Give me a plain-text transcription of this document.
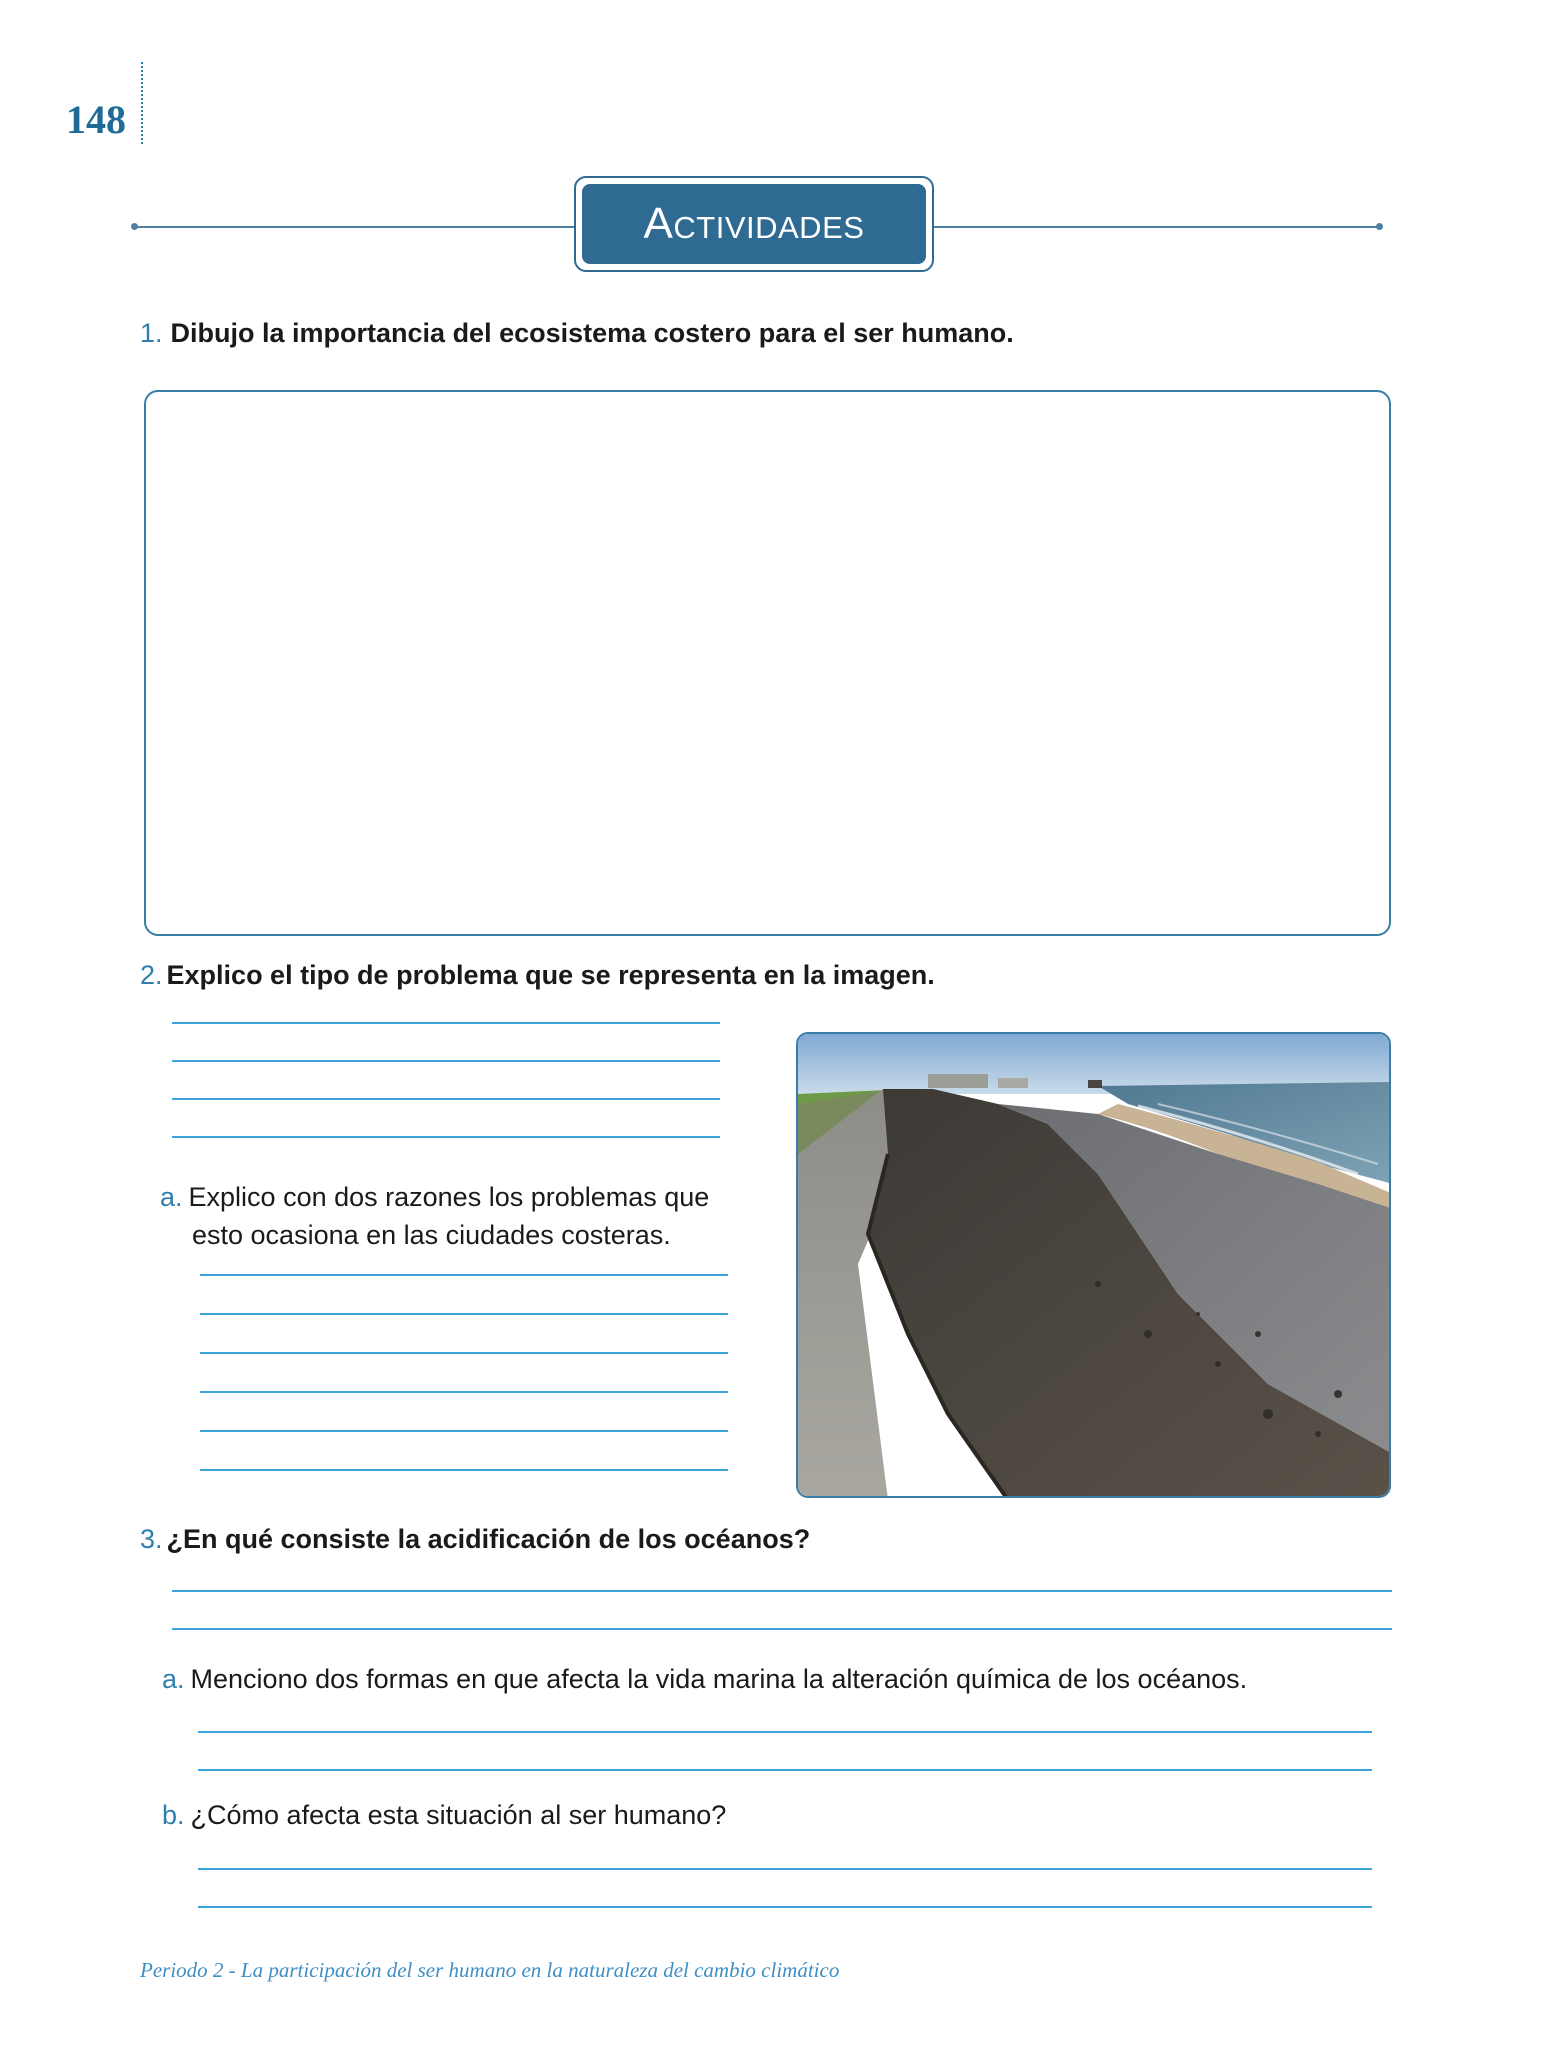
148
Actividades
1. Dibujo la importancia del ecosistema costero para el ser humano.
2. Explico el tipo de problema que se representa en la imagen.
a. Explico con dos razones los problemas que
esto ocasiona en las ciudades costeras.
3. ¿En qué consiste la acidificación de los océanos?
a. Menciono dos formas en que afecta la vida marina la alteración química de los océanos.
b. ¿Cómo afecta esta situación al ser humano?
Periodo 2 - La participación del ser humano en la naturaleza del cambio climático
